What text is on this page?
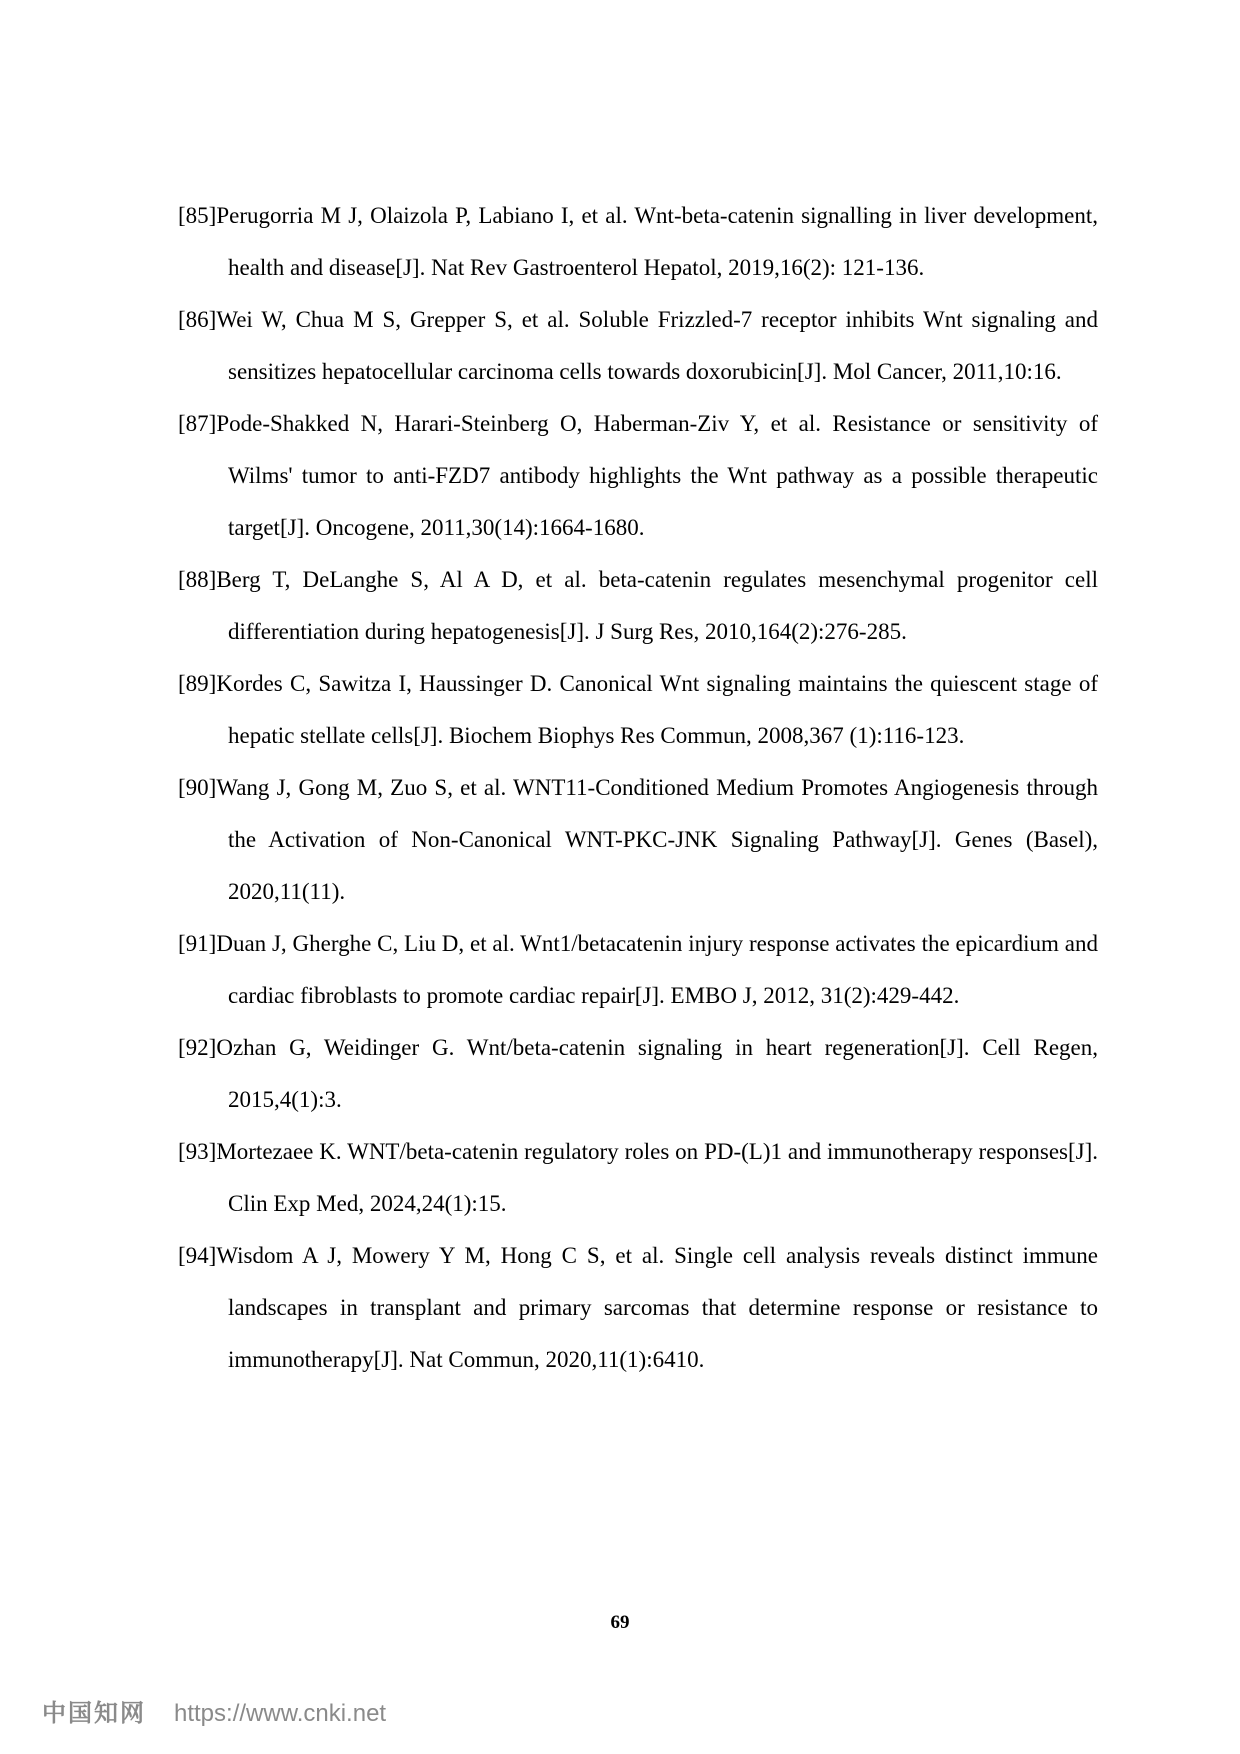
[85]Perugorria M J, Olaizola P, Labiano I, et al. Wnt-beta-catenin signalling in liver development, health and disease[J]. Nat Rev Gastroenterol Hepatol, 2019,16(2): 121-136.

[86]Wei W, Chua M S, Grepper S, et al. Soluble Frizzled-7 receptor inhibits Wnt signaling and sensitizes hepatocellular carcinoma cells towards doxorubicin[J]. Mol Cancer, 2011,10:16.

[87]Pode-Shakked N, Harari-Steinberg O, Haberman-Ziv Y, et al. Resistance or sensitivity of Wilms' tumor to anti-FZD7 antibody highlights the Wnt pathway as a possible therapeutic target[J]. Oncogene, 2011,30(14):1664-1680.

[88]Berg T, DeLanghe S, Al A D, et al. beta-catenin regulates mesenchymal progenitor cell differentiation during hepatogenesis[J]. J Surg Res, 2010,164(2):276-285.

[89]Kordes C, Sawitza I, Haussinger D. Canonical Wnt signaling maintains the quiescent stage of hepatic stellate cells[J]. Biochem Biophys Res Commun, 2008,367 (1):116-123.

[90]Wang J, Gong M, Zuo S, et al. WNT11-Conditioned Medium Promotes Angiogenesis through the Activation of Non-Canonical WNT-PKC-JNK Signaling Pathway[J]. Genes (Basel), 2020,11(11).

[91]Duan J, Gherghe C, Liu D, et al. Wnt1/betacatenin injury response activates the epicardium and cardiac fibroblasts to promote cardiac repair[J]. EMBO J, 2012, 31(2):429-442.

[92]Ozhan G, Weidinger G. Wnt/beta-catenin signaling in heart regeneration[J]. Cell Regen, 2015,4(1):3.

[93]Mortezaee K. WNT/beta-catenin regulatory roles on PD-(L)1 and immunotherapy responses[J]. Clin Exp Med, 2024,24(1):15.

[94]Wisdom A J, Mowery Y M, Hong C S, et al. Single cell analysis reveals distinct immune landscapes in transplant and primary sarcomas that determine response or resistance to immunotherapy[J]. Nat Commun, 2020,11(1):6410.

69
中国知网 https://www.cnki.net
